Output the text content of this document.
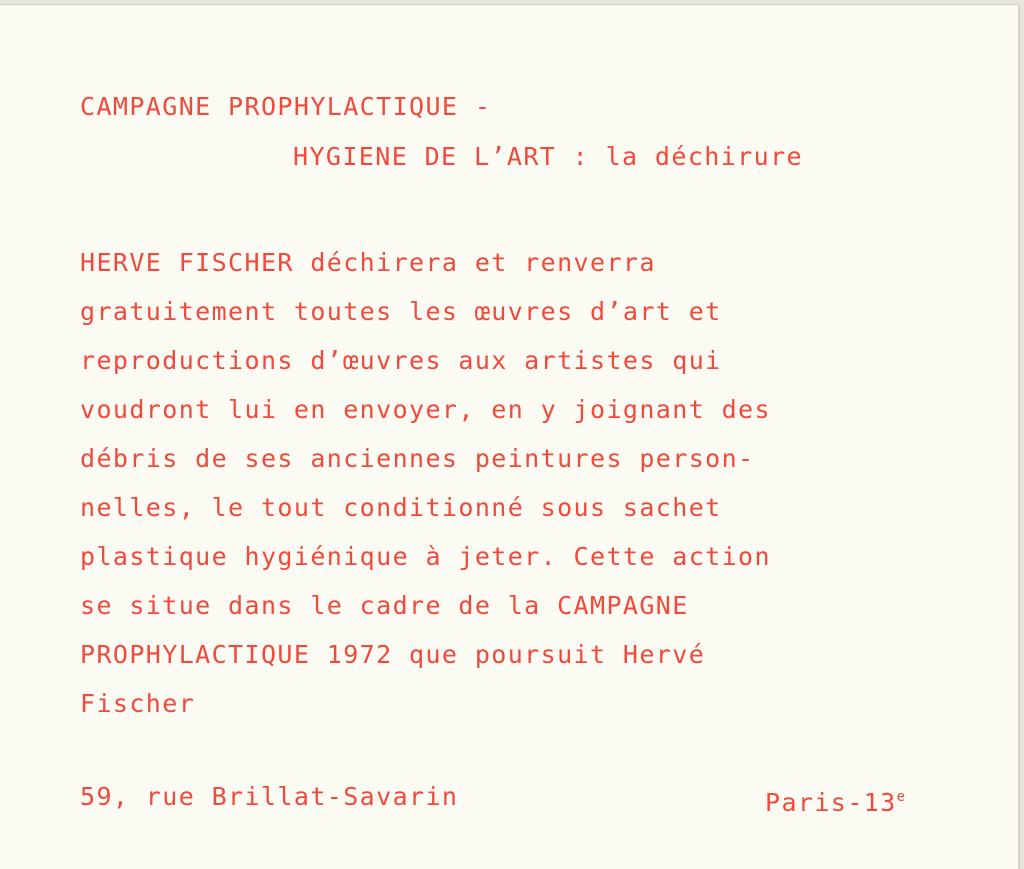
CAMPAGNE PROPHYLACTIQUE -
HYGIENE DE L’ART : la déchirure
HERVE FISCHER déchirera et renverra
gratuitement toutes les œuvres d’art et
reproductions d’œuvres aux artistes qui
voudront lui en envoyer, en y joignant des
débris de ses anciennes peintures person-
nelles, le tout conditionné sous sachet
plastique hygiénique à jeter. Cette action
se situe dans le cadre de la CAMPAGNE
PROPHYLACTIQUE 1972 que poursuit Hervé
Fischer
59, rue Brillat-Savarin	Paris-13e
